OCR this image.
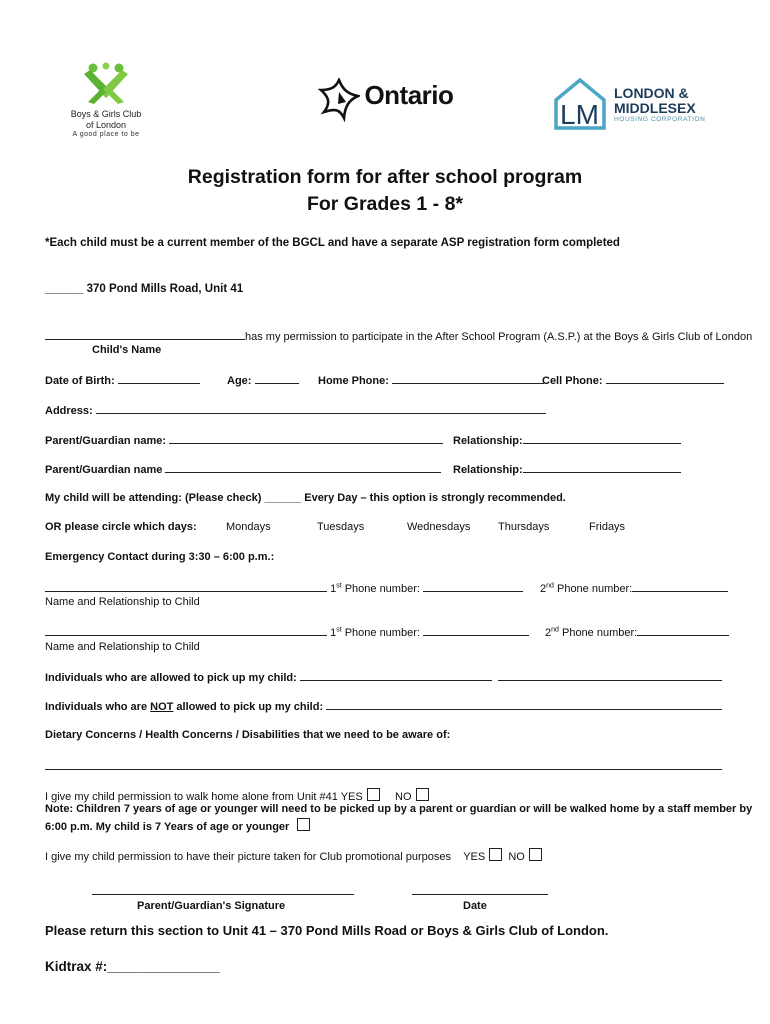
Boys & Girls Club
of London
A good place to be
Ontario
LM
LONDON &
MIDDLESEX
HOUSING CORPORATION
Registration form for after school program
For Grades 1 - 8*
*Each child must be a current member of the BGCL and have a separate ASP registration form completed
______ 370 Pond Mills Road, Unit 41
has my permission to participate in the After School Program (A.S.P.) at the Boys & Girls Club of London
Child's Name
Date of Birth:	Age:	Home Phone:	Cell Phone:
Address:
Parent/Guardian name:	Relationship:
Parent/Guardian name	Relationship:
My child will be attending: (Please check) ______ Every Day – this option is strongly recommended.
OR please circle which days:	Mondays	Tuesdays	Wednesdays	Thursdays	Fridays
Emergency Contact during 3:30 – 6:00 p.m.:
1st Phone number:	2nd Phone number:
Name and Relationship to Child
1st Phone number:	2nd Phone number:
Name and Relationship to Child
Individuals who are allowed to pick up my child:
Individuals who are NOT allowed to pick up my child:
Dietary Concerns / Health Concerns / Disabilities that we need to be aware of:
I give my child permission to walk home alone from Unit #41 YES	NO
Note: Children 7 years of age or younger will need to be picked up by a parent or guardian or will be walked home by a staff member by
6:00 p.m. My child is 7 Years of age or younger
I give my child permission to have their picture taken for Club promotional purposes YES NO
Parent/Guardian's Signature	Date
Please return this section to Unit 41 – 370 Pond Mills Road or Boys & Girls Club of London.
Kidtrax #:_______________
